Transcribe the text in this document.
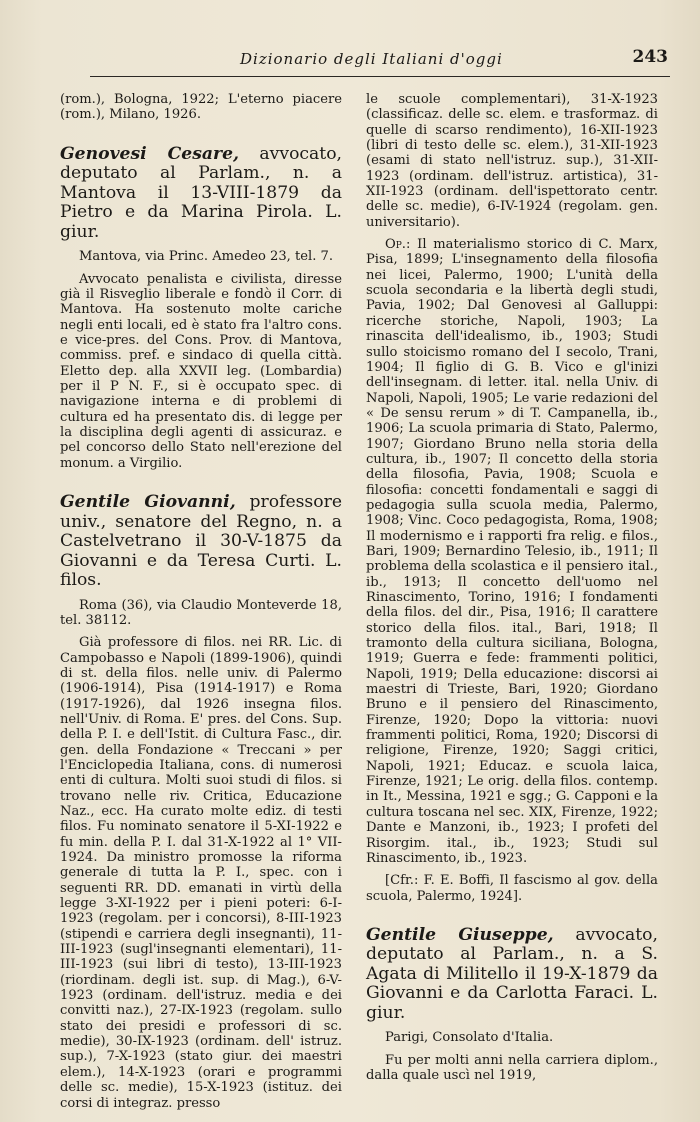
Dizionario degli Italiani d'oggi	243

(rom.), Bologna, 1922; L'eterno piacere (rom.), Milano, 1926.

Genovesi Cesare, avvocato, deputato al Parlam., n. a Mantova il 13-VIII-1879 da Pietro e da Marina Pirola. L. giur.

Mantova, via Princ. Amedeo 23, tel. 7.

Avvocato penalista e civilista, diresse già il Risveglio liberale e fondò il Corr. di Mantova. Ha sostenuto molte cariche negli enti locali, ed è stato fra l'altro cons. e vice-pres. del Cons. Prov. di Mantova, commiss. pref. e sindaco di quella città. Eletto dep. alla XXVII leg. (Lombardia) per il P N. F., si è occupato spec. di navigazione interna e di problemi di cultura ed ha presentato dis. di legge per la disciplina degli agenti di assicuraz. e pel concorso dello Stato nell'erezione del monum. a Virgilio.

Gentile Giovanni, professore univ., senatore del Regno, n. a Castelvetrano il 30-V-1875 da Giovanni e da Teresa Curti. L. filos.

Roma (36), via Claudio Monteverde 18, tel. 38112.

Già professore di filos. nei RR. Lic. di Campobasso e Napoli (1899-1906), quindi di st. della filos. nelle univ. di Palermo (1906-1914), Pisa (1914-1917) e Roma (1917-1926), dal 1926 insegna filos. nell'Univ. di Roma. E' pres. del Cons. Sup. della P. I. e dell'Istit. di Cultura Fasc., dir. gen. della Fondazione « Treccani » per l'Enciclopedia Italiana, cons. di numerosi enti di cultura. Molti suoi studi di filos. si trovano nelle riv. Critica, Educazione Naz., ecc. Ha curato molte ediz. di testi filos. Fu nominato senatore il 5-XI-1922 e fu min. della P. I. dal 31-X-1922 al 1° VII-1924. Da ministro promosse la riforma generale di tutta la P. I., spec. con i seguenti RR. DD. emanati in virtù della legge 3-XI-1922 per i pieni poteri: 6-I-1923 (regolam. per i concorsi), 8-III-1923 (stipendi e carriera degli insegnanti), 11-III-1923 (sugl'insegnanti elementari), 11-III-1923 (sui libri di testo), 13-III-1923 (riordinam. degli ist. sup. di Mag.), 6-V-1923 (ordinam. dell'istruz. media e dei convitti naz.), 27-IX-1923 (regolam. sullo stato dei presidi e professori di sc. medie), 30-IX-1923 (ordinam. dell' istruz. sup.), 7-X-1923 (stato giur. dei maestri elem.), 14-X-1923 (orari e programmi delle sc. medie), 15-X-1923 (istituz. dei corsi di integraz. presso

le scuole complementari), 31-X-1923 (classificaz. delle sc. elem. e trasformaz. di quelle di scarso rendimento), 16-XII-1923 (libri di testo delle sc. elem.), 31-XII-1923 (esami di stato nell'istruz. sup.), 31-XII-1923 (ordinam. dell'istruz. artistica), 31-XII-1923 (ordinam. dell'ispettorato centr. delle sc. medie), 6-IV-1924 (regolam. gen. universitario).

Op.: Il materialismo storico di C. Marx, Pisa, 1899; L'insegnamento della filosofia nei licei, Palermo, 1900; L'unità della scuola secondaria e la libertà degli studi, Pavia, 1902; Dal Genovesi al Galluppi: ricerche storiche, Napoli, 1903; La rinascita dell'idealismo, ib., 1903; Studi sullo stoicismo romano del I secolo, Trani, 1904; Il figlio di G. B. Vico e gl'inizi dell'insegnam. di letter. ital. nella Univ. di Napoli, Napoli, 1905; Le varie redazioni del « De sensu rerum » di T. Campanella, ib., 1906; La scuola primaria di Stato, Palermo, 1907; Giordano Bruno nella storia della cultura, ib., 1907; Il concetto della storia della filosofia, Pavia, 1908; Scuola e filosofia: concetti fondamentali e saggi di pedagogia sulla scuola media, Palermo, 1908; Vinc. Coco pedagogista, Roma, 1908; Il modernismo e i rapporti fra relig. e filos., Bari, 1909; Bernardino Telesio, ib., 1911; Il problema della scolastica e il pensiero ital., ib., 1913; Il concetto dell'uomo nel Rinascimento, Torino, 1916; I fondamenti della filos. del dir., Pisa, 1916; Il carattere storico della filos. ital., Bari, 1918; Il tramonto della cultura siciliana, Bologna, 1919; Guerra e fede: frammenti politici, Napoli, 1919; Della educazione: discorsi ai maestri di Trieste, Bari, 1920; Giordano Bruno e il pensiero del Rinascimento, Firenze, 1920; Dopo la vittoria: nuovi frammenti politici, Roma, 1920; Discorsi di religione, Firenze, 1920; Saggi critici, Napoli, 1921; Educaz. e scuola laica, Firenze, 1921; Le orig. della filos. contemp. in It., Messina, 1921 e sgg.; G. Capponi e la cultura toscana nel sec. XIX, Firenze, 1922; Dante e Manzoni, ib., 1923; I profeti del Risorgim. ital., ib., 1923; Studi sul Rinascimento, ib., 1923.

[Cfr.: F. E. Boffi, Il fascismo al gov. della scuola, Palermo, 1924].

Gentile Giuseppe, avvocato, deputato al Parlam., n. a S. Agata di Militello il 19-X-1879 da Giovanni e da Carlotta Faraci. L. giur.

Parigi, Consolato d'Italia.

Fu per molti anni nella carriera diplom., dalla quale uscì nel 1919,
